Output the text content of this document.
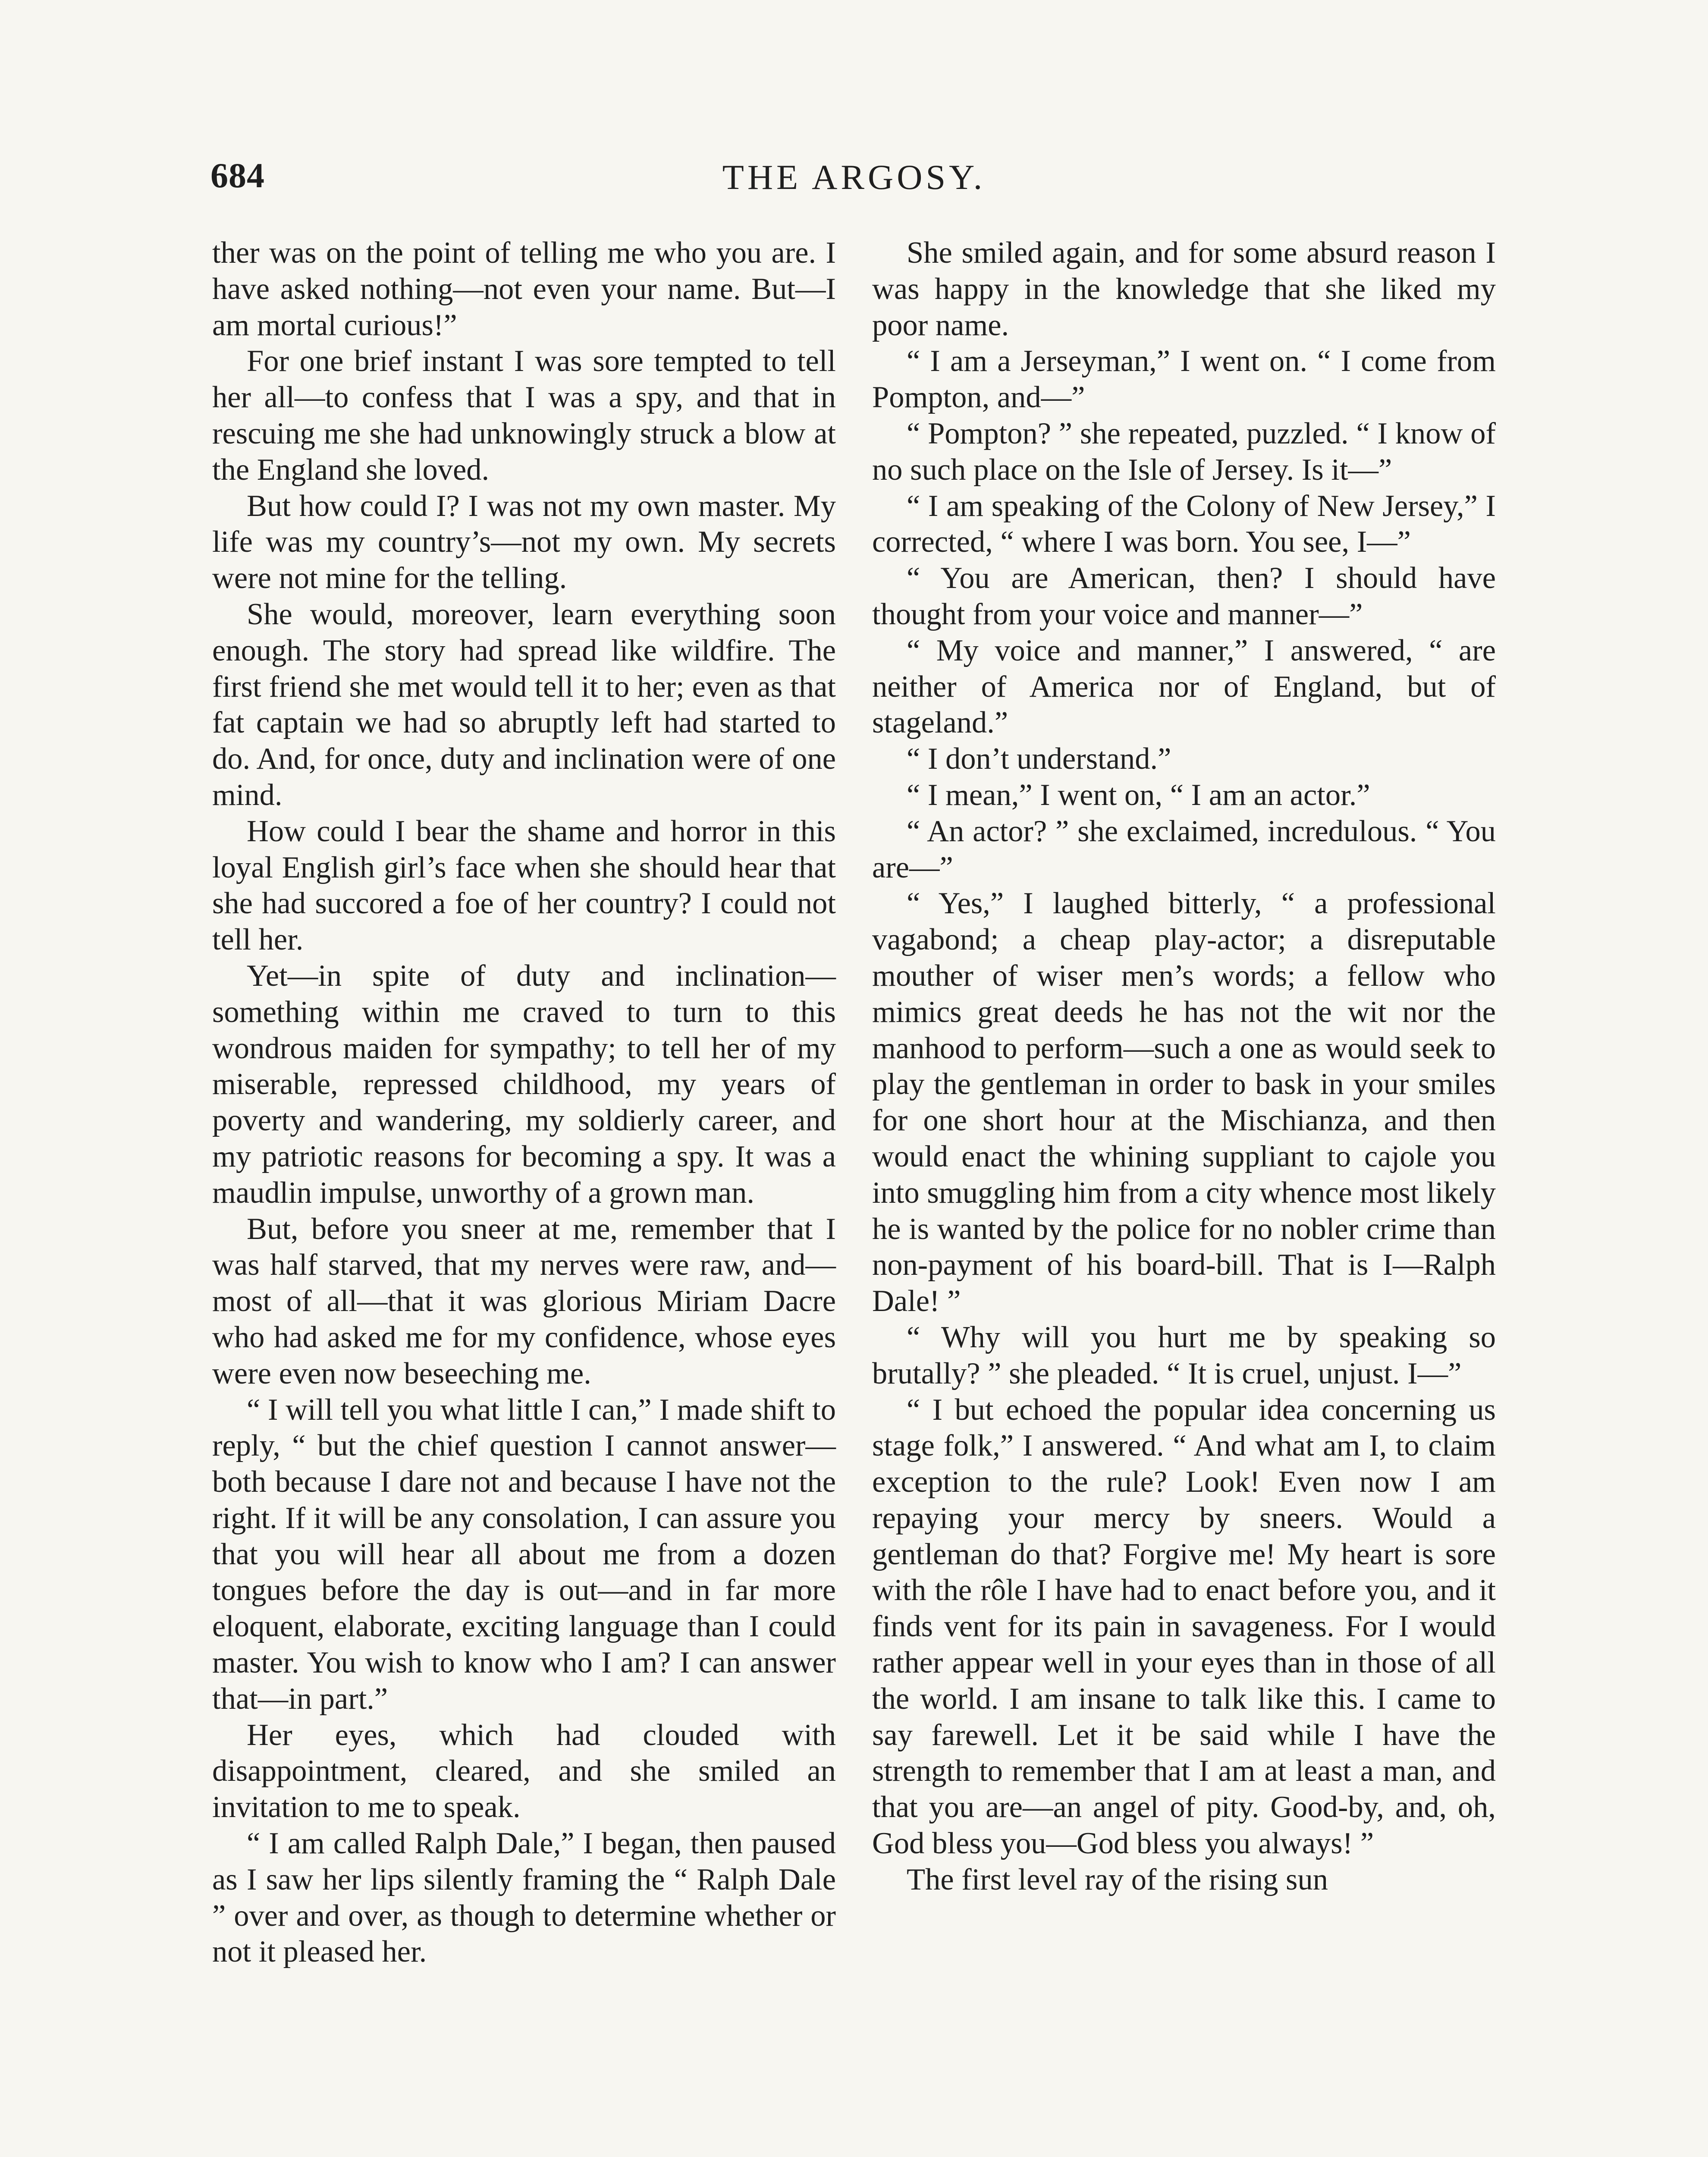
684	THE ARGOSY.

ther was on the point of telling me who you are. I have asked nothing—not even your name. But—I am mortal curious!”

For one brief instant I was sore tempted to tell her all—to confess that I was a spy, and that in rescuing me she had unknowingly struck a blow at the England she loved.

But how could I? I was not my own master. My life was my country’s—not my own. My secrets were not mine for the telling.

She would, moreover, learn everything soon enough. The story had spread like wildfire. The first friend she met would tell it to her; even as that fat captain we had so abruptly left had started to do. And, for once, duty and inclination were of one mind.

How could I bear the shame and horror in this loyal English girl’s face when she should hear that she had succored a foe of her country? I could not tell her.

Yet—in spite of duty and inclination—something within me craved to turn to this wondrous maiden for sympathy; to tell her of my miserable, repressed childhood, my years of poverty and wandering, my soldierly career, and my patriotic reasons for becoming a spy. It was a maudlin impulse, unworthy of a grown man.

But, before you sneer at me, remember that I was half starved, that my nerves were raw, and—most of all—that it was glorious Miriam Dacre who had asked me for my confidence, whose eyes were even now beseeching me.

“ I will tell you what little I can,” I made shift to reply, “ but the chief question I cannot answer—both because I dare not and because I have not the right. If it will be any consolation, I can assure you that you will hear all about me from a dozen tongues before the day is out—and in far more eloquent, elaborate, exciting language than I could master. You wish to know who I am? I can answer that—in part.”

Her eyes, which had clouded with disappointment, cleared, and she smiled an invitation to me to speak.

“ I am called Ralph Dale,” I began, then paused as I saw her lips silently framing the “ Ralph Dale ” over and over, as though to determine whether or not it pleased her.

She smiled again, and for some absurd reason I was happy in the knowledge that she liked my poor name.

“ I am a Jerseyman,” I went on. “ I come from Pompton, and—”

“ Pompton? ” she repeated, puzzled. “ I know of no such place on the Isle of Jersey. Is it—”

“ I am speaking of the Colony of New Jersey,” I corrected, “ where I was born. You see, I—”

“ You are American, then? I should have thought from your voice and manner—”

“ My voice and manner,” I answered, “ are neither of America nor of England, but of stageland.”

“ I don’t understand.”

“ I mean,” I went on, “ I am an actor.”

“ An actor? ” she exclaimed, incredulous. “ You are—”

“ Yes,” I laughed bitterly, “ a professional vagabond; a cheap play-actor; a disreputable mouther of wiser men’s words; a fellow who mimics great deeds he has not the wit nor the manhood to perform—such a one as would seek to play the gentleman in order to bask in your smiles for one short hour at the Mischianza, and then would enact the whining suppliant to cajole you into smuggling him from a city whence most likely he is wanted by the police for no nobler crime than non-payment of his board-bill. That is I—Ralph Dale! ”

“ Why will you hurt me by speaking so brutally? ” she pleaded. “ It is cruel, unjust. I—”

“ I but echoed the popular idea concerning us stage folk,” I answered. “ And what am I, to claim exception to the rule? Look! Even now I am repaying your mercy by sneers. Would a gentleman do that? Forgive me! My heart is sore with the rôle I have had to enact before you, and it finds vent for its pain in savageness. For I would rather appear well in your eyes than in those of all the world. I am insane to talk like this. I came to say farewell. Let it be said while I have the strength to remember that I am at least a man, and that you are—an angel of pity. Good-by, and, oh, God bless you—God bless you always! ”

The first level ray of the rising sun
